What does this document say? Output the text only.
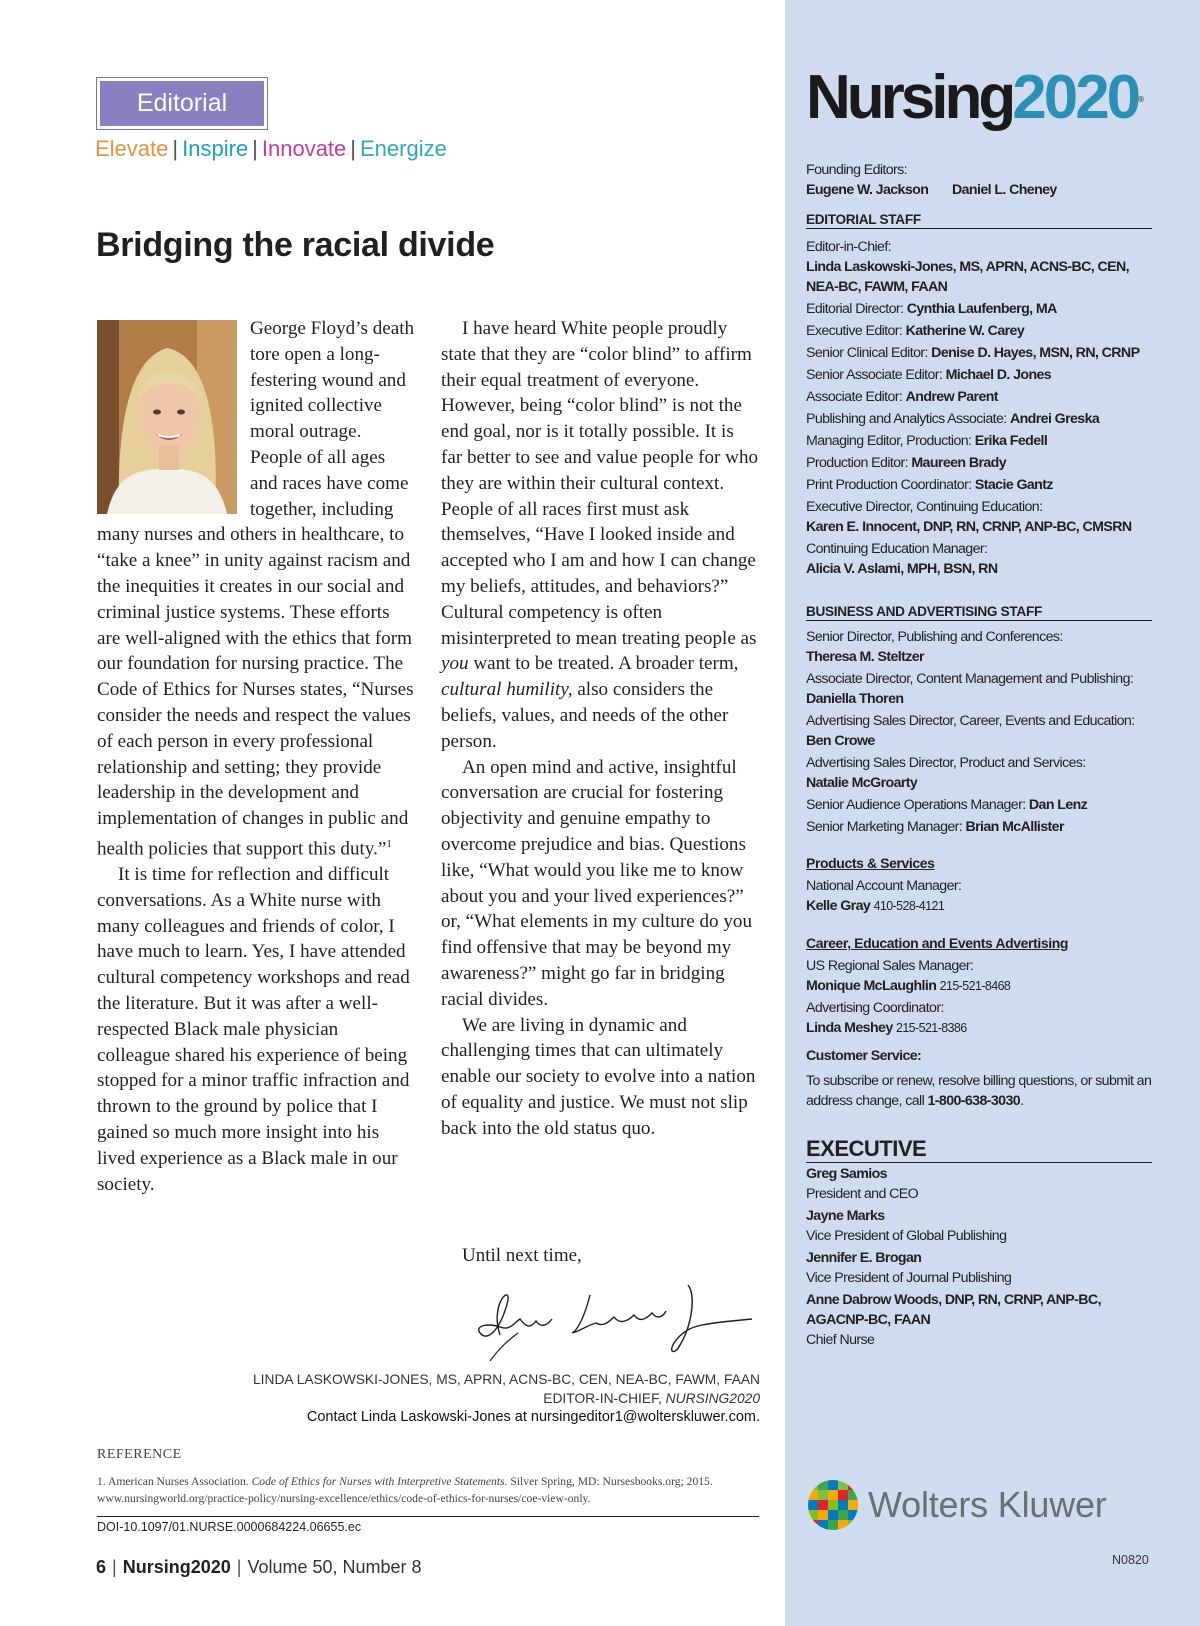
Nursing2020®
Founding Editors:
Eugene W. Jackson Daniel L. Cheney
EDITORIAL STAFF
Editor-in-Chief:
Linda Laskowski-Jones, MS, APRN, ACNS-BC, CEN,
NEA-BC, FAWM, FAAN
Editorial Director: Cynthia Laufenberg, MA
Executive Editor: Katherine W. Carey
Senior Clinical Editor: Denise D. Hayes, MSN, RN, CRNP
Senior Associate Editor: Michael D. Jones
Associate Editor: Andrew Parent
Publishing and Analytics Associate: Andrei Greska
Managing Editor, Production: Erika Fedell
Production Editor: Maureen Brady
Print Production Coordinator: Stacie Gantz
Executive Director, Continuing Education:
Karen E. Innocent, DNP, RN, CRNP, ANP-BC, CMSRN
Continuing Education Manager:
Alicia V. Aslami, MPH, BSN, RN
BUSINESS AND ADVERTISING STAFF
Senior Director, Publishing and Conferences:
Theresa M. Steltzer
Associate Director, Content Management and Publishing:
Daniella Thoren
Advertising Sales Director, Career, Events and Education:
Ben Crowe
Advertising Sales Director, Product and Services:
Natalie McGroarty
Senior Audience Operations Manager: Dan Lenz
Senior Marketing Manager: Brian McAllister
Products & Services
National Account Manager:
Kelle Gray 410-528-4121
Career, Education and Events Advertising
US Regional Sales Manager:
Monique McLaughlin 215-521-8468
Advertising Coordinator:
Linda Meshey 215-521-8386
Customer Service:
To subscribe or renew, resolve billing questions, or submit an address change, call 1-800-638-3030.
EXECUTIVE
Greg Samios
President and CEO
Jayne Marks
Vice President of Global Publishing
Jennifer E. Brogan
Vice President of Journal Publishing
Anne Dabrow Woods, DNP, RN, CRNP, ANP-BC,
AGACNP-BC, FAAN
Chief Nurse
Wolters Kluwer
N0820
Editorial
Elevate | Inspire | Innovate | Energize
Bridging the racial divide

George Floyd’s death tore open a long-festering wound and ignited collective moral outrage. People of all ages and races have come together, including many nurses and others in healthcare, to “take a knee” in unity against racism and the inequities it creates in our social and criminal justice systems. These efforts are well-aligned with the ethics that form our foundation for nursing practice. The Code of Ethics for Nurses states, “Nurses consider the needs and respect the values of each person in every professional relationship and setting; they provide leadership in the development and implementation of changes in public and health policies that support this duty.”$^1$

It is time for reflection and difficult conversations. As a White nurse with many colleagues and friends of color, I have much to learn. Yes, I have attended cultural competency workshops and read the literature. But it was after a well-respected Black male physician colleague shared his experience of being stopped for a minor traffic infraction and thrown to the ground by police that I gained so much more insight into his lived experience as a Black male in our society.

I have heard White people proudly state that they are “color blind” to affirm their equal treatment of everyone. However, being “color blind” is not the end goal, nor is it totally possible. It is far better to see and value people for who they are within their cultural context. People of all races first must ask themselves, “Have I looked inside and accepted who I am and how I can change my beliefs, attitudes, and behaviors?” Cultural competency is often misinterpreted to mean treating people as you want to be treated. A broader term, cultural humility, also considers the beliefs, values, and needs of the other person.

An open mind and active, insightful conversation are crucial for fostering objectivity and genuine empathy to overcome prejudice and bias. Questions like, “What would you like me to know about you and your lived experiences?” or, “What elements in my culture do you find offensive that may be beyond my awareness?” might go far in bridging racial divides.

We are living in dynamic and challenging times that can ultimately enable our society to evolve into a nation of equality and justice. We must not slip back into the old status quo.

Until next time,
LINDA LASKOWSKI-JONES, MS, APRN, ACNS-BC, CEN, NEA-BC, FAWM, FAAN
EDITOR-IN-CHIEF, NURSING2020
Contact Linda Laskowski-Jones at nursingeditor1@wolterskluwer.com.
REFERENCE
1. American Nurses Association. Code of Ethics for Nurses with Interpretive Statements. Silver Spring, MD: Nursesbooks.org; 2015. www.nursingworld.org/practice-policy/nursing-excellence/ethics/code-of-ethics-for-nurses/coe-view-only.
DOI-10.1097/01.NURSE.0000684224.06655.ec
6 | Nursing2020 | Volume 50, Number 8
